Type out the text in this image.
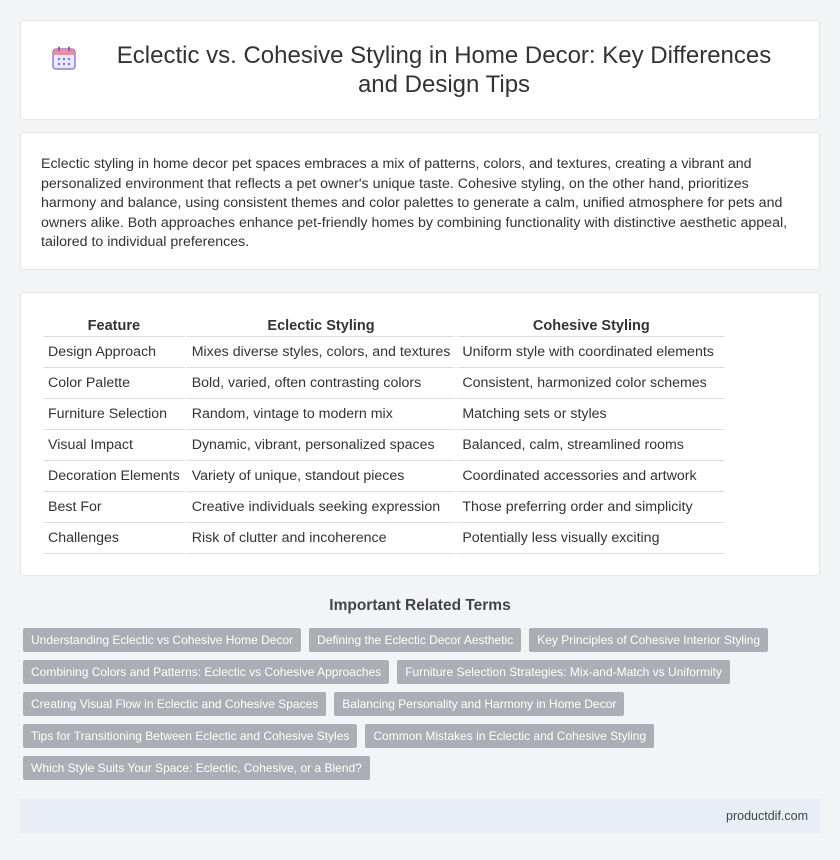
Eclectic vs. Cohesive Styling in Home Decor: Key Differences and Design Tips

Eclectic styling in home decor pet spaces embraces a mix of patterns, colors, and textures, creating a vibrant and personalized environment that reflects a pet owner's unique taste. Cohesive styling, on the other hand, prioritizes harmony and balance, using consistent themes and color palettes to generate a calm, unified atmosphere for pets and owners alike. Both approaches enhance pet-friendly homes by combining functionality with distinctive aesthetic appeal, tailored to individual preferences.

Feature	Eclectic Styling	Cohesive Styling
Design Approach	Mixes diverse styles, colors, and textures	Uniform style with coordinated elements
Color Palette	Bold, varied, often contrasting colors	Consistent, harmonized color schemes
Furniture Selection	Random, vintage to modern mix	Matching sets or styles
Visual Impact	Dynamic, vibrant, personalized spaces	Balanced, calm, streamlined rooms
Decoration Elements	Variety of unique, standout pieces	Coordinated accessories and artwork
Best For	Creative individuals seeking expression	Those preferring order and simplicity
Challenges	Risk of clutter and incoherence	Potentially less visually exciting
Important Related Terms
Understanding Eclectic vs Cohesive Home Decor	Defining the Eclectic Decor Aesthetic	Key Principles of Cohesive Interior Styling
Combining Colors and Patterns: Eclectic vs Cohesive Approaches	Furniture Selection Strategies: Mix-and-Match vs Uniformity
Creating Visual Flow in Eclectic and Cohesive Spaces	Balancing Personality and Harmony in Home Decor
Tips for Transitioning Between Eclectic and Cohesive Styles	Common Mistakes in Eclectic and Cohesive Styling
Which Style Suits Your Space: Eclectic, Cohesive, or a Blend?
productdif.com
